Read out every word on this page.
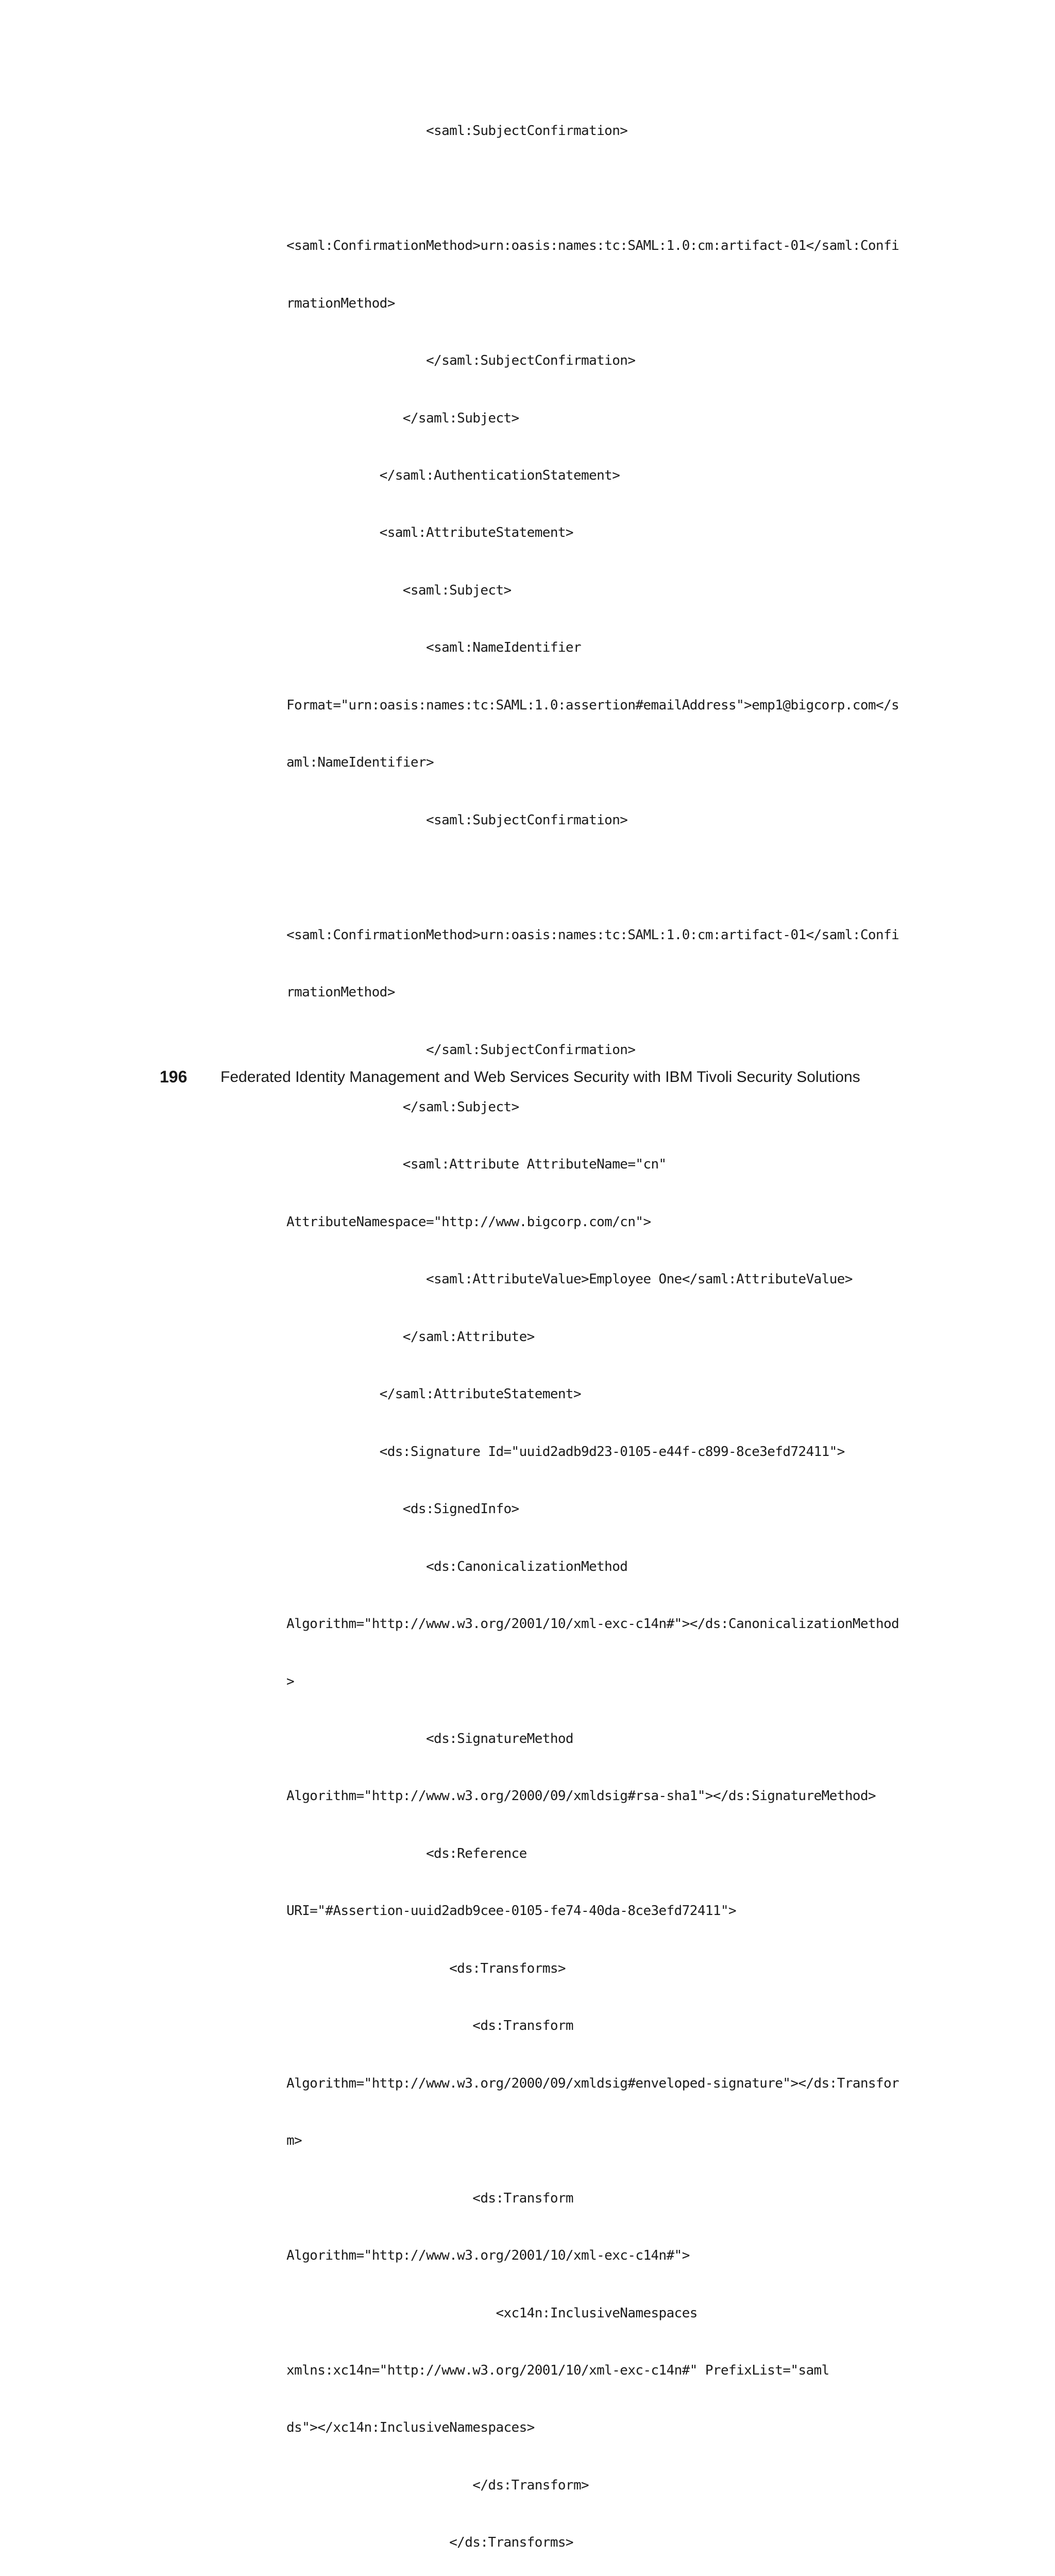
<saml:SubjectConfirmation>

<saml:ConfirmationMethod>urn:oasis:names:tc:SAML:1.0:cm:artifact-01</saml:Confi

rmationMethod>

</saml:SubjectConfirmation>

</saml:Subject>

</saml:AuthenticationStatement>

<saml:AttributeStatement>

<saml:Subject>

<saml:NameIdentifier

Format="urn:oasis:names:tc:SAML:1.0:assertion#emailAddress">emp1@bigcorp.com</s

aml:NameIdentifier>

<saml:SubjectConfirmation>

<saml:ConfirmationMethod>urn:oasis:names:tc:SAML:1.0:cm:artifact-01</saml:Confi

rmationMethod>

</saml:SubjectConfirmation>

</saml:Subject>

<saml:Attribute AttributeName="cn"

AttributeNamespace="http://www.bigcorp.com/cn">

<saml:AttributeValue>Employee One</saml:AttributeValue>

</saml:Attribute>

</saml:AttributeStatement>

<ds:Signature Id="uuid2adb9d23-0105-e44f-c899-8ce3efd72411">

<ds:SignedInfo>

<ds:CanonicalizationMethod

Algorithm="http://www.w3.org/2001/10/xml-exc-c14n#"></ds:CanonicalizationMethod

>

<ds:SignatureMethod

Algorithm="http://www.w3.org/2000/09/xmldsig#rsa-sha1"></ds:SignatureMethod>

<ds:Reference

URI="#Assertion-uuid2adb9cee-0105-fe74-40da-8ce3efd72411">

<ds:Transforms>

<ds:Transform

Algorithm="http://www.w3.org/2000/09/xmldsig#enveloped-signature"></ds:Transfor

m>

<ds:Transform

Algorithm="http://www.w3.org/2001/10/xml-exc-c14n#">

<xc14n:InclusiveNamespaces

xmlns:xc14n="http://www.w3.org/2001/10/xml-exc-c14n#" PrefixList="saml

ds"></xc14n:InclusiveNamespaces>

</ds:Transform>

</ds:Transforms>

196 Federated Identity Management and Web Services Security with IBM Tivoli Security Solutions
